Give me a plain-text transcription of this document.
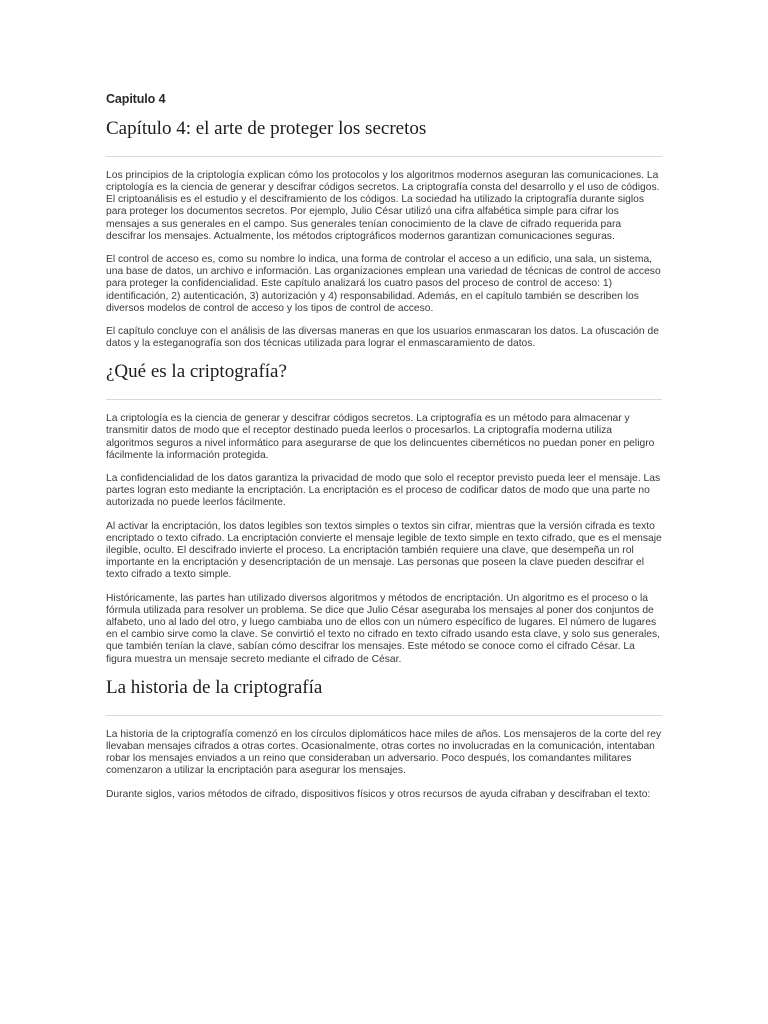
Capitulo 4
Capítulo 4: el arte de proteger los secretos

Los principios de la criptología explican cómo los protocolos y los algoritmos modernos aseguran las comunicaciones. La criptología es la ciencia de generar y descifrar códigos secretos. La criptografía consta del desarrollo y el uso de códigos. El criptoanálisis es el estudio y el desciframiento de los códigos. La sociedad ha utilizado la criptografía durante siglos para proteger los documentos secretos. Por ejemplo, Julio César utilizó una cifra alfabética simple para cifrar los mensajes a sus generales en el campo. Sus generales tenían conocimiento de la clave de cifrado requerida para descifrar los mensajes. Actualmente, los métodos criptográficos modernos garantizan comunicaciones seguras.

El control de acceso es, como su nombre lo indica, una forma de controlar el acceso a un edificio, una sala, un sistema, una base de datos, un archivo e información. Las organizaciones emplean una variedad de técnicas de control de acceso para proteger la confidencialidad. Este capítulo analizará los cuatro pasos del proceso de control de acceso: 1) identificación, 2) autenticación, 3) autorización y 4) responsabilidad. Además, en el capítulo también se describen los diversos modelos de control de acceso y los tipos de control de acceso.

El capítulo concluye con el análisis de las diversas maneras en que los usuarios enmascaran los datos. La ofuscación de datos y la esteganografía son dos técnicas utilizada para lograr el enmascaramiento de datos.

¿Qué es la criptografía?

La criptología es la ciencia de generar y descifrar códigos secretos. La criptografía es un método para almacenar y transmitir datos de modo que el receptor destinado pueda leerlos o procesarlos. La criptografía moderna utiliza algoritmos seguros a nivel informático para asegurarse de que los delincuentes cibernéticos no puedan poner en peligro fácilmente la información protegida.

La confidencialidad de los datos garantiza la privacidad de modo que solo el receptor previsto pueda leer el mensaje. Las partes logran esto mediante la encriptación. La encriptación es el proceso de codificar datos de modo que una parte no autorizada no puede leerlos fácilmente.

Al activar la encriptación, los datos legibles son textos simples o textos sin cifrar, mientras que la versión cifrada es texto encriptado o texto cifrado. La encriptación convierte el mensaje legible de texto simple en texto cifrado, que es el mensaje ilegible, oculto. El descifrado invierte el proceso. La encriptación también requiere una clave, que desempeña un rol importante en la encriptación y desencriptación de un mensaje. Las personas que poseen la clave pueden descifrar el texto cifrado a texto simple.

Históricamente, las partes han utilizado diversos algoritmos y métodos de encriptación. Un algoritmo es el proceso o la fórmula utilizada para resolver un problema. Se dice que Julio César aseguraba los mensajes al poner dos conjuntos de alfabeto, uno al lado del otro, y luego cambiaba uno de ellos con un número específico de lugares. El número de lugares en el cambio sirve como la clave. Se convirtió el texto no cifrado en texto cifrado usando esta clave, y solo sus generales, que también tenían la clave, sabían cómo descifrar los mensajes. Este método se conoce como el cifrado César. La figura muestra un mensaje secreto mediante el cifrado de César.

La historia de la criptografía

La historia de la criptografía comenzó en los círculos diplomáticos hace miles de años. Los mensajeros de la corte del rey llevaban mensajes cifrados a otras cortes. Ocasionalmente, otras cortes no involucradas en la comunicación, intentaban robar los mensajes enviados a un reino que consideraban un adversario. Poco después, los comandantes militares comenzaron a utilizar la encriptación para asegurar los mensajes.

Durante siglos, varios métodos de cifrado, dispositivos físicos y otros recursos de ayuda cifraban y descifraban el texto:
